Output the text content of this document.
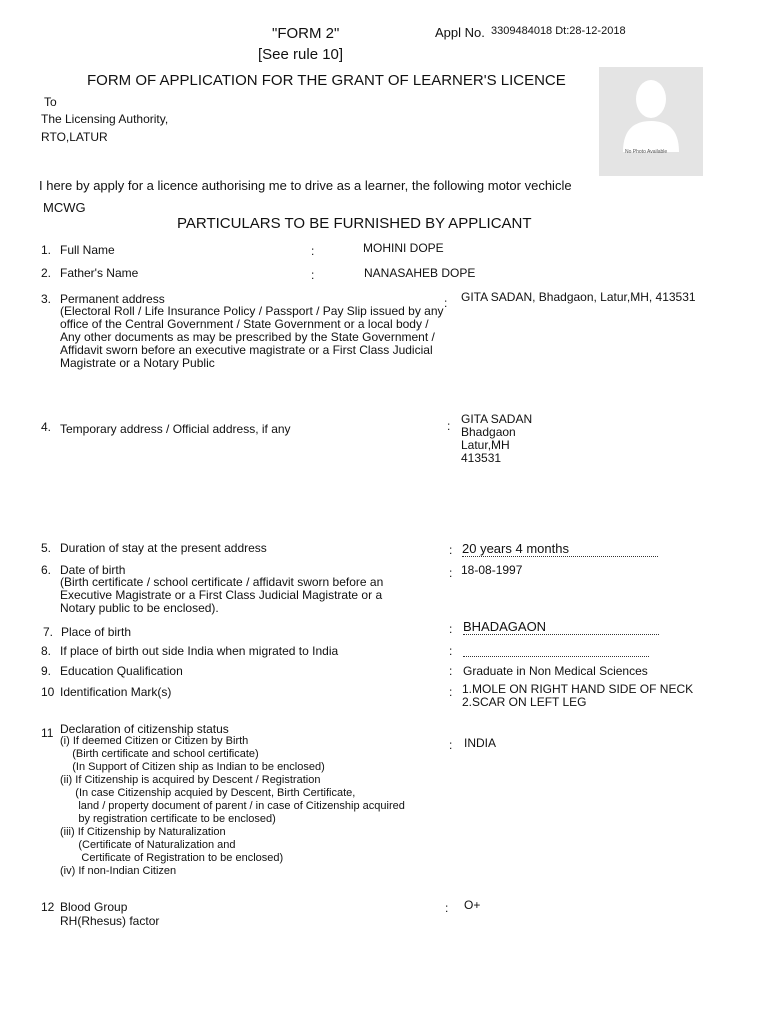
"FORM 2"
[See rule 10]
Appl No. 3309484018 Dt:28-12-2018
FORM OF APPLICATION FOR THE GRANT OF LEARNER'S LICENCE
No Photo Available
To
The Licensing Authority,
RTO,LATUR
I here by apply for a licence authorising me to drive as a learner, the following motor vechicle
MCWG
PARTICULARS TO BE FURNISHED BY APPLICANT
1. Full Name	:	MOHINI DOPE
2. Father's Name	:	NANASAHEB DOPE
3. Permanent address
(Electoral Roll / Life Insurance Policy / Passport / Pay Slip issued by any
office of the Central Government / State Government or a local body /
Any other documents as may be prescribed by the State Government /
Affidavit sworn before an executive magistrate or a First Class Judicial
Magistrate or a Notary Public
: GITA SADAN, Bhadgaon, Latur,MH, 413531
4. Temporary address / Official address, if any	: GITA SADAN
Bhadgaon
Latur,MH
413531
5. Duration of stay at the present address	: 20 years 4 months
6. Date of birth
(Birth certificate / school certificate / affidavit sworn before an
Executive Magistrate or a First Class Judicial Magistrate or a
Notary public to be enclosed).
: 18-08-1997
7. Place of birth	: BHADAGAON
8. If place of birth out side India when migrated to India	:
9. Education Qualification	: Graduate in Non Medical Sciences
10 Identification Mark(s)	: 1.MOLE ON RIGHT HAND SIDE OF NECK
2.SCAR ON LEFT LEG
11 Declaration of citizenship status
(i) If deemed Citizen or Citizen by Birth
(Birth certificate and school certificate)
(In Support of Citizen ship as Indian to be enclosed)
(ii) If Citizenship is acquired by Descent / Registration
(In case Citizenship acquied by Descent, Birth Certificate,
land / property document of parent / in case of Citizenship acquired
by registration certificate to be enclosed)
(iii) If Citizenship by Naturalization
(Certificate of Naturalization and
Certificate of Registration to be enclosed)
(iv) If non-Indian Citizen
: INDIA
12 Blood Group
RH(Rhesus) factor
: O+
